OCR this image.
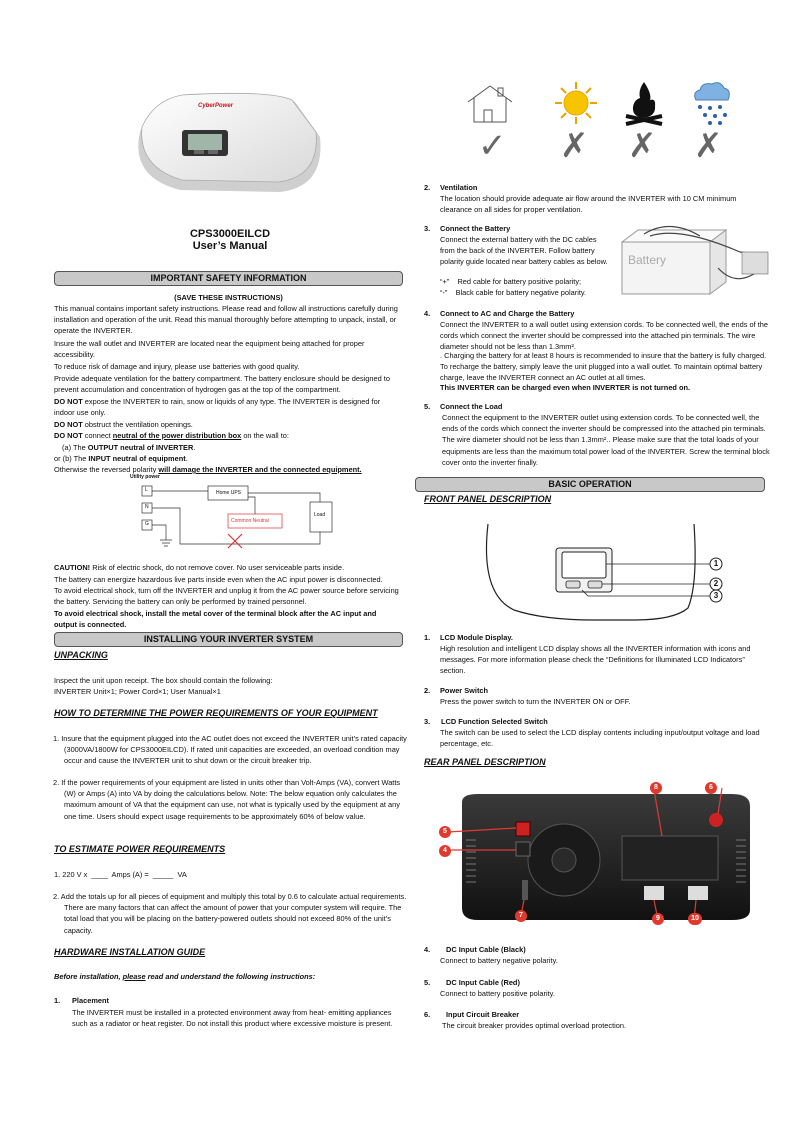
CyberPower
CPS3000EILCD
User’s Manual
IMPORTANT SAFETY INFORMATION
(SAVE THESE INSTRUCTIONS)

This manual contains important safety instructions. Please read and follow all instructions carefully during installation and operation of the unit. Read this manual thoroughly before attempting to unpack, install, or operate the INVERTER.

Insure the wall outlet and INVERTER are located near the equipment being attached for proper accessibility.

To reduce risk of damage and injury, please use batteries with good quality.

Provide adequate ventilation for the battery compartment. The battery enclosure should be designed to prevent accumulation and concentration of hydrogen gas at the top of the compartment.

DO NOT expose the INVERTER to rain, snow or liquids of any type. The INVERTER is designed for indoor use only.

DO NOT obstruct the ventilation openings.

DO NOT connect neutral of the power distribution box on the wall to:

(a) The OUTPUT neutral of INVERTER.

or (b) The INPUT neutral of equipment.

Otherwise the reversed polarity will damage the INVERTER and the connected equipment.

Utility power
L
N
G
Home UPS
Common Neutral
Load

CAUTION! Risk of electric shock, do not remove cover. No user serviceable parts inside.

The battery can energize hazardous live parts inside even when the AC input power is disconnected.

To avoid electrical shock, turn off the INVERTER and unplug it from the AC power source before servicing the battery. Servicing the battery can only be performed by trained personnel.

To avoid electrical shock, install the metal cover of the terminal block after the AC input and output is connected.

INSTALLING YOUR INVERTER SYSTEM
UNPACKING

Inspect the unit upon receipt. The box should contain the following:

INVERTER Unit×1; Power Cord×1; User Manual×1

HOW TO DETERMINE THE POWER REQUIREMENTS OF YOUR EQUIPMENT

1. Insure that the equipment plugged into the AC outlet does not exceed the INVERTER unit’s rated capacity (3000VA/1800W for CPS3000EILCD). If rated unit capacities are exceeded, an overload condition may occur and cause the INVERTER unit to shut down or the circuit breaker trip.

2. If the power requirements of your equipment are listed in units other than Volt-Amps (VA), convert Watts (W) or Amps (A) into VA by doing the calculations below. Note: The below equation only calculates the maximum amount of VA that the equipment can use, not what is typically used by the equipment at any one time. Users should expect usage requirements to be approximately 60% of below value.

TO ESTIMATE POWER REQUIREMENTS

1. 220 V x  ____  Amps (A) =  _____  VA

2. Add the totals up for all pieces of equipment and multiply this total by 0.6 to calculate actual requirements. There are many factors that can affect the amount of power that your computer system will require. The total load that you will be placing on the battery-powered outlets should not exceed 80% of the unit’s capacity.

HARDWARE INSTALLATION GUIDE

Before installation, please read and understand the following instructions:

1. Placement

The INVERTER must be installed in a protected environment away from heat- emitting appliances such as a radiator or heat register. Do not install this product where excessive moisture is present.

✓ ✗ ✗ ✗
2. Ventilation

The location should provide adequate air flow around the INVERTER with 10 CM minimum clearance on all sides for proper ventilation.

3. Connect the Battery

Connect the external battery with the DC cables from the back of the INVERTER. Follow battery polarity guide located near battery cables as below.

“+”    Red cable for battery positive polarity;

“-”    Black cable for battery negative polarity.

Battery
4. Connect to AC and Charge the Battery

Connect the INVERTER to a wall outlet using extension cords. To be connected well, the ends of the cords which connect the inverter should be compressed into the attached pin terminals. The wire diameter should not be less than 1.3mm².

. Charging the battery for at least 8 hours is recommended to insure that the battery is fully charged. To recharge the battery, simply leave the unit plugged into a wall outlet. To maintain optimal battery charge, leave the INVERTER connect an AC outlet at all times.

This INVERTER can be charged even when INVERTER is not turned on.

5. Connect the Load

Connect the equipment to the INVERTER outlet using extension cords. To be connected well, the ends of the cords which connect the inverter should be compressed into the attached pin terminals. The wire diameter should not be less than 1.3mm².. Please make sure that the total loads of your equipments are less than the maximum total power load of the INVERTER. Screw the terminal block cover onto the inverter finally.

BASIC OPERATION
FRONT PANEL DESCRIPTION
1
2
3
1. LCD Module Display.

High resolution and intelligent LCD display shows all the INVERTER information with icons and messages. For more information please check the “Definitions for Illuminated LCD Indicators” section.

2. Power Switch

Press the power switch to turn the INVERTER ON or OFF.

3. LCD Function Selected Switch

The switch can be used to select the LCD display contents including input/output voltage and load percentage, etc.

REAR PANEL DESCRIPTION
4
5
6
7
8
9	10
4. DC Input Cable (Black)

Connect to battery negative polarity.

5. DC Input Cable (Red)

Connect to battery positive polarity.

6. Input Circuit Breaker

The circuit breaker provides optimal overload protection.
